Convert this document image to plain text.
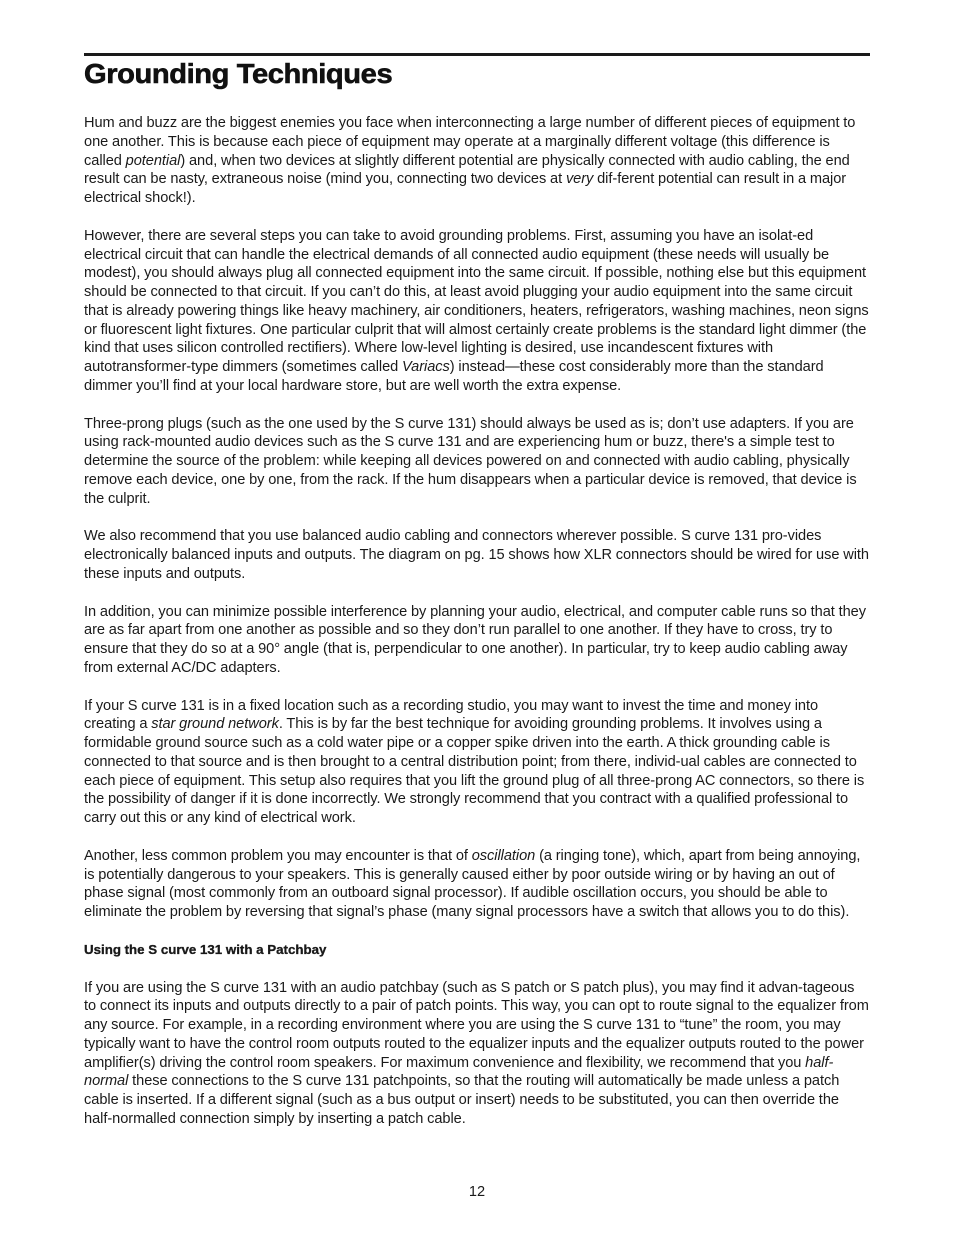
Grounding Techniques

Hum and buzz are the biggest enemies you face when interconnecting a large number of different pieces of equipment to one another. This is because each piece of equipment may operate at a marginally different voltage (this difference is called potential) and, when two devices at slightly different potential are physically connected with audio cabling, the end result can be nasty, extraneous noise (mind you, connecting two devices at very dif-ferent potential can result in a major electrical shock!).

However, there are several steps you can take to avoid grounding problems. First, assuming you have an isolat-ed electrical circuit that can handle the electrical demands of all connected audio equipment (these needs will usually be modest), you should always plug all connected equipment into the same circuit. If possible, nothing else but this equipment should be connected to that circuit. If you can’t do this, at least avoid plugging your audio equipment into the same circuit that is already powering things like heavy machinery, air conditioners, heaters, refrigerators, washing machines, neon signs or fluorescent light fixtures. One particular culprit that will almost certainly create problems is the standard light dimmer (the kind that uses silicon controlled rectifiers). Where low-level lighting is desired, use incandescent fixtures with autotransformer-type dimmers (sometimes called Variacs) instead—these cost considerably more than the standard dimmer you’ll find at your local hardware store, but are well worth the extra expense.

Three-prong plugs (such as the one used by the S curve 131) should always be used as is; don’t use adapters. If you are using rack-mounted audio devices such as the S curve 131 and are experiencing hum or buzz, there's a simple test to determine the source of the problem: while keeping all devices powered on and connected with audio cabling, physically remove each device, one by one, from the rack. If the hum disappears when a particular device is removed, that device is the culprit.

We also recommend that you use balanced audio cabling and connectors wherever possible. S curve 131 pro-vides electronically balanced inputs and outputs. The diagram on pg. 15 shows how XLR connectors should be wired for use with these inputs and outputs.

In addition, you can minimize possible interference by planning your audio, electrical, and computer cable runs so that they are as far apart from one another as possible and so they don’t run parallel to one another. If they have to cross, try to ensure that they do so at a 90° angle (that is, perpendicular to one another). In particular, try to keep audio cabling away from external AC/DC adapters.

If your S curve 131 is in a fixed location such as a recording studio, you may want to invest the time and money into creating a star ground network. This is by far the best technique for avoiding grounding problems. It involves using a formidable ground source such as a cold water pipe or a copper spike driven into the earth. A thick grounding cable is connected to that source and is then brought to a central distribution point; from there, individ-ual cables are connected to each piece of equipment. This setup also requires that you lift the ground plug of all three-prong AC connectors, so there is the possibility of danger if it is done incorrectly. We strongly recommend that you contract with a qualified professional to carry out this or any kind of electrical work.

Another, less common problem you may encounter is that of oscillation (a ringing tone), which, apart from being annoying, is potentially dangerous to your speakers. This is generally caused either by poor outside wiring or by having an out of phase signal (most commonly from an outboard signal processor). If audible oscillation occurs, you should be able to eliminate the problem by reversing that signal’s phase (many signal processors have a switch that allows you to do this).

Using the S curve 131 with a Patchbay

If you are using the S curve 131 with an audio patchbay (such as S patch or S patch plus), you may find it advan-tageous to connect its inputs and outputs directly to a pair of patch points. This way, you can opt to route signal to the equalizer from any source. For example, in a recording environment where you are using the S curve 131 to “tune” the room, you may typically want to have the control room outputs routed to the equalizer inputs and the equalizer outputs routed to the power amplifier(s) driving the control room speakers. For maximum convenience and flexibility, we recommend that you half-normal these connections to the S curve 131 patchpoints, so that the routing will automatically be made unless a patch cable is inserted. If a different signal (such as a bus output or insert) needs to be substituted, you can then override the half-normalled connection simply by inserting a patch cable.

12
